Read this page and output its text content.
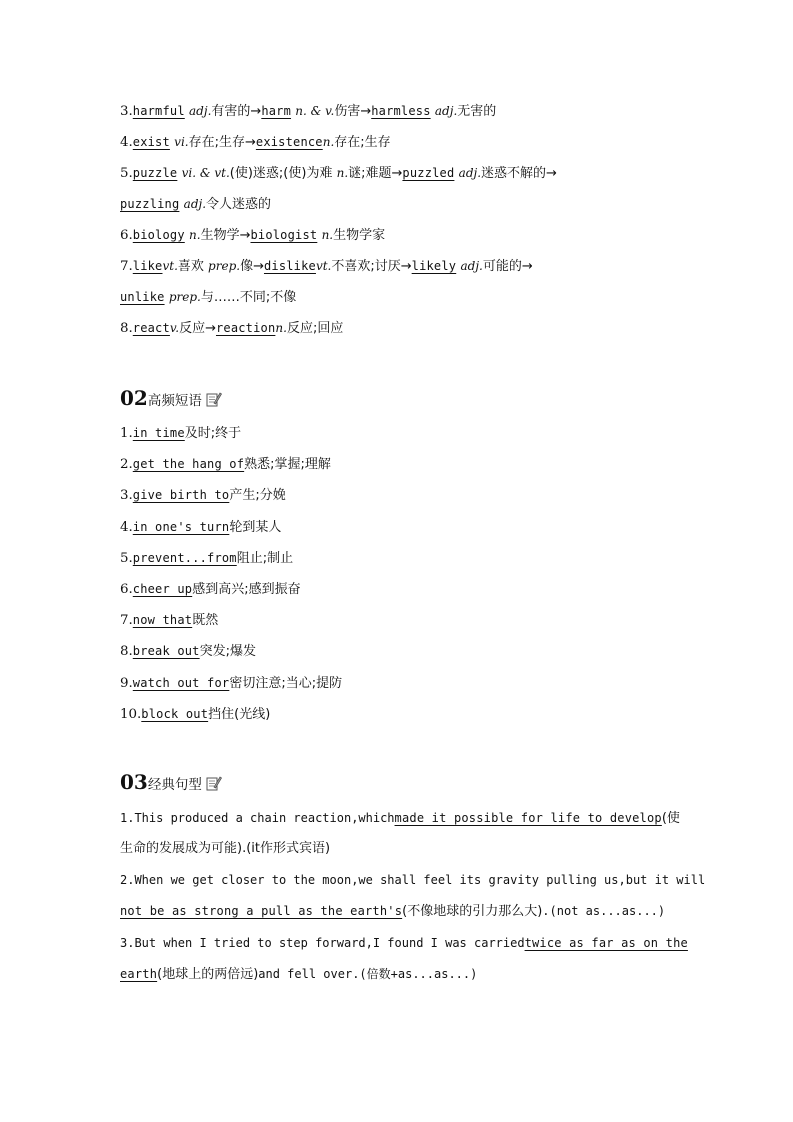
3.harmful adj.有害的→harm n. & v.伤害→harmless adj.无害的
4.exist vi.存在;生存→existencen.存在;生存
5.puzzle vi. & vt.(使)迷惑;(使)为难 n.谜;难题→puzzled adj.迷惑不解的→
puzzling adj.令人迷惑的
6.biology n.生物学→biologist n.生物学家
7.likevt.喜欢 prep.像→dislikevt.不喜欢;讨厌→likely adj.可能的→
unlike prep.与……不同;不像
8.reactv.反应→reactionn.反应;回应
02高频短语
1.in time及时;终于
2.get the hang of熟悉;掌握;理解
3.give birth to产生;分娩
4.in one's turn轮到某人
5.prevent...from阻止;制止
6.cheer up感到高兴;感到振奋
7.now that既然
8.break out突发;爆发
9.watch out for密切注意;当心;提防
10.block out挡住(光线)
03经典句型
1.This produced a chain reaction,whichmade it possible for life to develop(使
生命的发展成为可能).(it作形式宾语)
2.When we get closer to the moon,we shall feel its gravity pulling us,but it will
not be as strong a pull as the earth's(不像地球的引力那么大).(not as...as...)
3.But when I tried to step forward,I found I was carriedtwice as far as on the
earth(地球上的两倍远)and fell over.(倍数+as...as...)
